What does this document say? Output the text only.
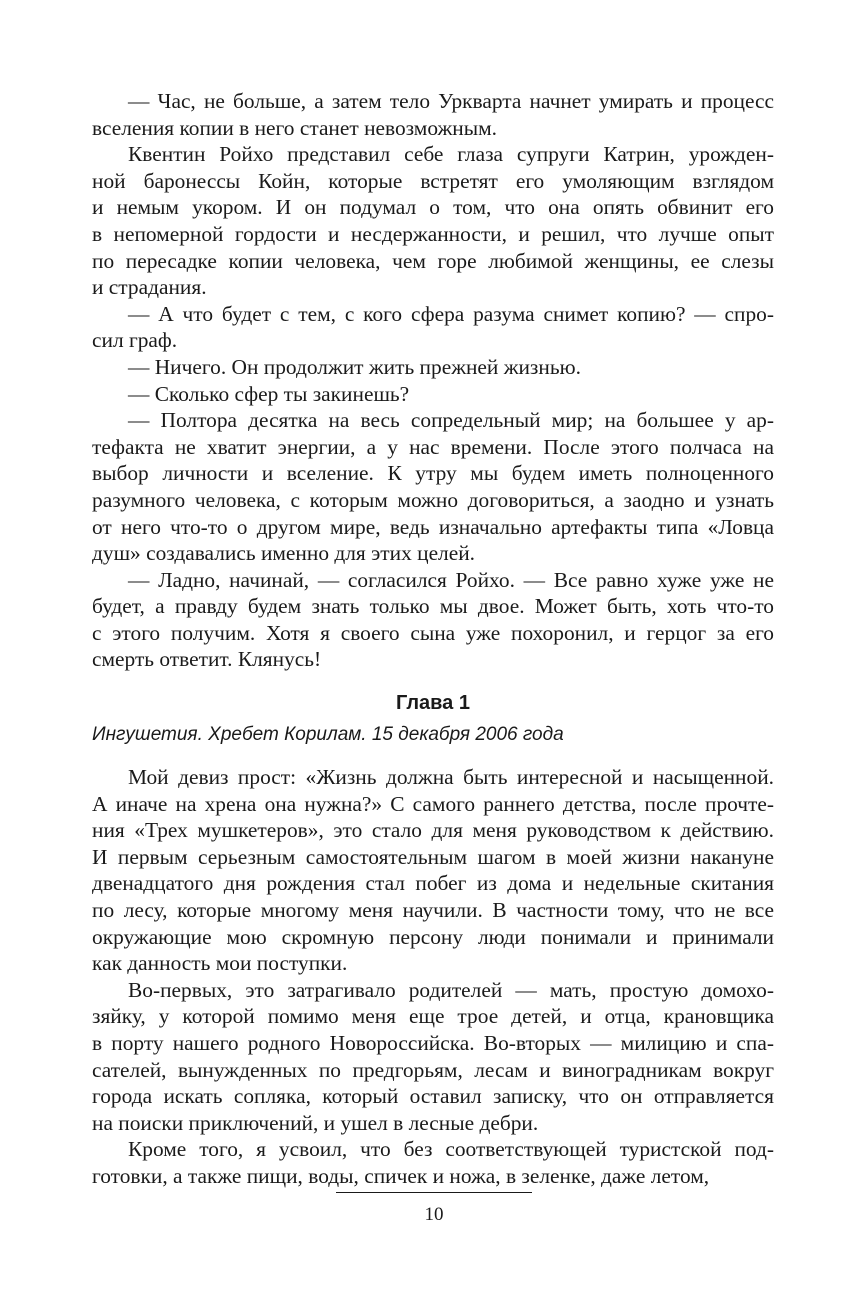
— Час, не больше, а затем тело Уркварта начнет умирать и процесс
вселения копии в него станет невозможным.
Квентин Ройхо представил себе глаза супруги Катрин, урожден-
ной баронессы Койн, которые встретят его умоляющим взглядом
и немым укором. И он подумал о том, что она опять обвинит его
в непомерной гордости и несдержанности, и решил, что лучше опыт
по пересадке копии человека, чем горе любимой женщины, ее слезы
и страдания.
— А что будет с тем, с кого сфера разума снимет копию? — спро-
сил граф.
— Ничего. Он продолжит жить прежней жизнью.
— Сколько сфер ты закинешь?
— Полтора десятка на весь сопредельный мир; на большее у ар-
тефакта не хватит энергии, а у нас времени. После этого полчаса на
выбор личности и вселение. К утру мы будем иметь полноценного
разумного человека, с которым можно договориться, а заодно и узнать
от него что-то о другом мире, ведь изначально артефакты типа «Ловца
душ» создавались именно для этих целей.
— Ладно, начинай, — согласился Ройхо. — Все равно хуже уже не
будет, а правду будем знать только мы двое. Может быть, хоть что-то
с этого получим. Хотя я своего сына уже похоронил, и герцог за его
смерть ответит. Клянусь!
Глава 1
Ингушетия. Хребет Корилам. 15 декабря 2006 года
Мой девиз прост: «Жизнь должна быть интересной и насыщенной.
А иначе на хрена она нужна?» С самого раннего детства, после прочте-
ния «Трех мушкетеров», это стало для меня руководством к действию.
И первым серьезным самостоятельным шагом в моей жизни накануне
двенадцатого дня рождения стал побег из дома и недельные скитания
по лесу, которые многому меня научили. В частности тому, что не все
окружающие мою скромную персону люди понимали и принимали
как данность мои поступки.
Во-первых, это затрагивало родителей — мать, простую домохо-
зяйку, у которой помимо меня еще трое детей, и отца, крановщика
в порту нашего родного Новороссийска. Во-вторых — милицию и спа-
сателей, вынужденных по предгорьям, лесам и виноградникам вокруг
города искать сопляка, который оставил записку, что он отправляется
на поиски приключений, и ушел в лесные дебри.
Кроме того, я усвоил, что без соответствующей туристской под-
готовки, а также пищи, воды, спичек и ножа, в зеленке, даже летом,
10
